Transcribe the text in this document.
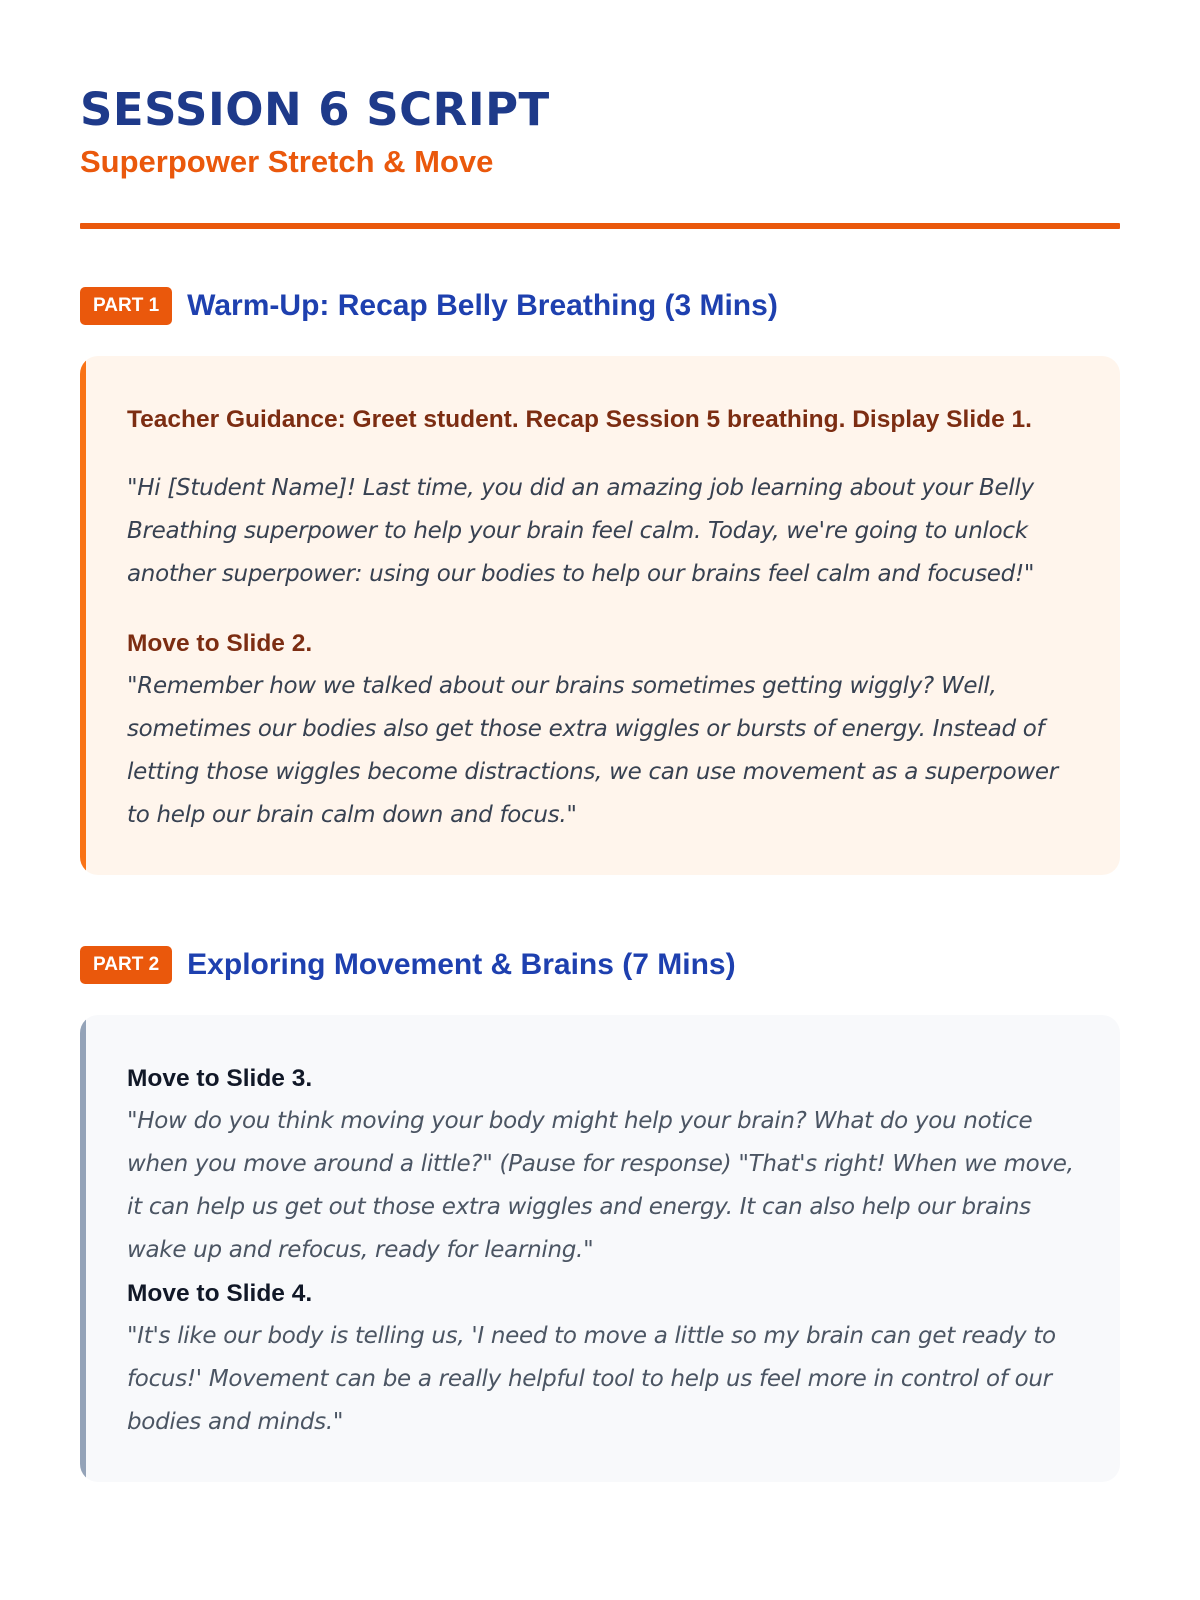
SESSION 6 SCRIPT
Superpower Stretch & Move
PART 1 Warm-Up: Recap Belly Breathing (3 Mins)

Teacher Guidance: Greet student. Recap Session 5 breathing. Display Slide 1.

"Hi [Student Name]! Last time, you did an amazing job learning about your Belly Breathing superpower to help your brain feel calm. Today, we're going to unlock another superpower: using our bodies to help our brains feel calm and focused!"

Move to Slide 2.

"Remember how we talked about our brains sometimes getting wiggly? Well, sometimes our bodies also get those extra wiggles or bursts of energy. Instead of letting those wiggles become distractions, we can use movement as a superpower to help our brain calm down and focus."

PART 2 Exploring Movement & Brains (7 Mins)

Move to Slide 3.

"How do you think moving your body might help your brain? What do you notice when you move around a little?" (Pause for response) "That's right! When we move, it can help us get out those extra wiggles and energy. It can also help our brains wake up and refocus, ready for learning."

Move to Slide 4.

"It's like our body is telling us, 'I need to move a little so my brain can get ready to focus!' Movement can be a really helpful tool to help us feel more in control of our bodies and minds."
